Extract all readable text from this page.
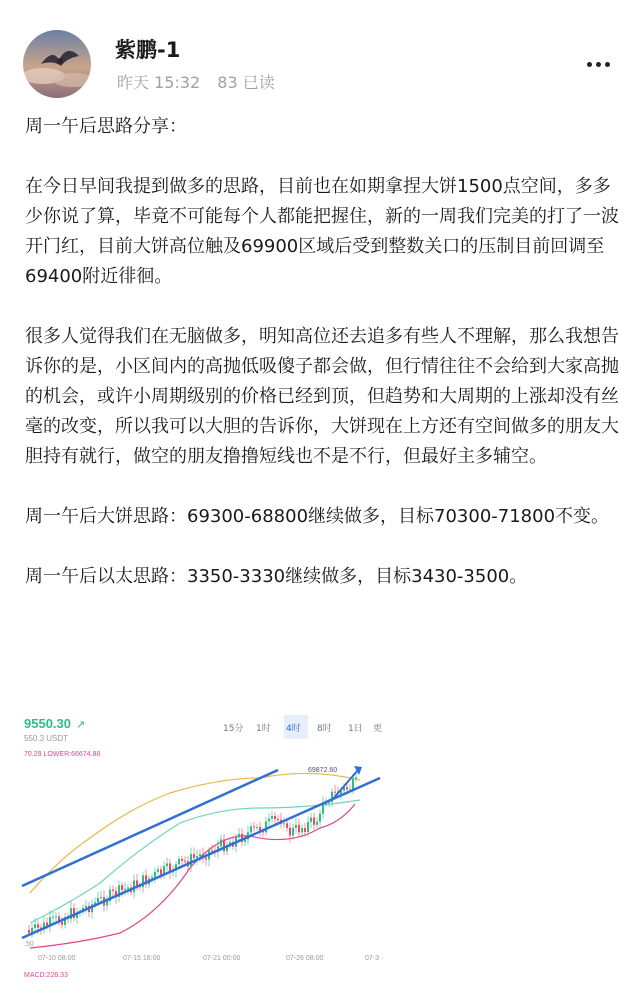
紫鹏-1
昨天 15:32 83 已读

周一午后思路分享：

在今日早间我提到做多的思路，目前也在如期拿捏大饼1500点空间，多多少你说了算，毕竟不可能每个人都能把握住，新的一周我们完美的打了一波开门红，目前大饼高位触及69900区域后受到整数关口的压制目前回调至69400附近徘徊。

很多人觉得我们在无脑做多，明知高位还去追多有些人不理解，那么我想告诉你的是，小区间内的高抛低吸傻子都会做，但行情往往不会给到大家高抛的机会，或许小周期级别的价格已经到顶，但趋势和大周期的上涨却没有丝毫的改变，所以我可以大胆的告诉你，大饼现在上方还有空间做多的朋友大胆持有就行，做空的朋友撸撸短线也不是不行，但最好主多辅空。

周一午后大饼思路：69300-68800继续做多，目标70300-71800不变。

周一午后以太思路：3350-3330继续做多，目标3430-3500。

9550.30 ↗
550.3 USDT
70.29 LOWER:66674.88
15分 1时 4时 8时 1日 更
69872.60
.50
07-10 08:00	07-15 16:00	07-21 00:00	07-26 08:00	07-3
MACD:226.33
